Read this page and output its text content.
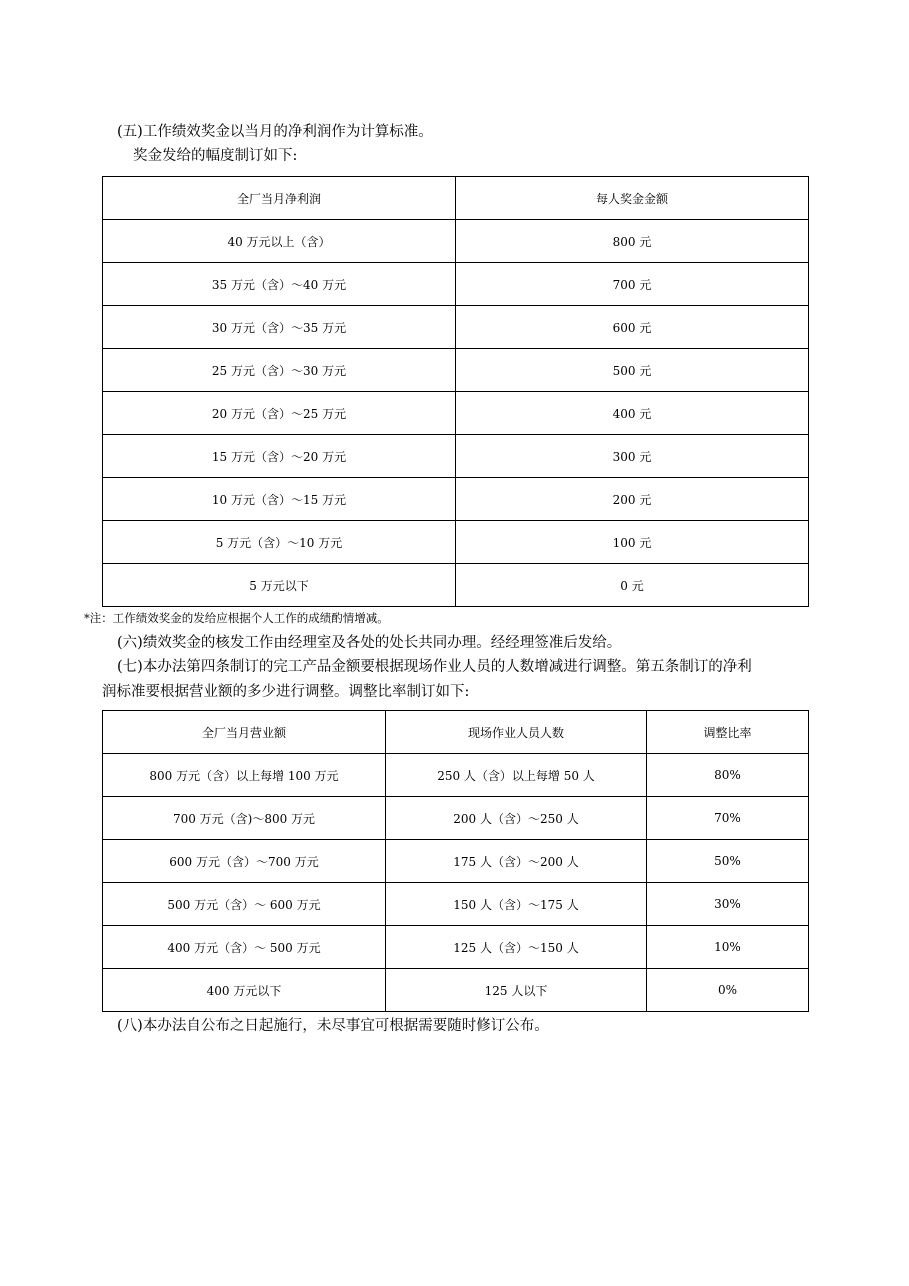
(五)工作绩效奖金以当月的净利润作为计算标准。
奖金发给的幅度制订如下:
全厂当月净利润	每人奖金金额
40 万元以上（含）	800 元
35 万元（含）～40 万元	700 元
30 万元（含）～35 万元	600 元
25 万元（含）～30 万元	500 元
20 万元（含）～25 万元	400 元
15 万元（含）～20 万元	300 元
10 万元（含）～15 万元	200 元
5 万元（含）～10 万元	100 元
5 万元以下	0 元
*注：工作绩效奖金的发给应根据个人工作的成绩酌情增减。
(六)绩效奖金的核发工作由经理室及各处的处长共同办理。经经理签准后发给。
(七)本办法第四条制订的完工产品金额要根据现场作业人员的人数增减进行调整。第五条制订的净利
润标准要根据营业额的多少进行调整。调整比率制订如下:
全厂当月营业额	现场作业人员人数	调整比率
800 万元（含）以上每增 100 万元	250 人（含）以上每增 50 人	80%
700 万元（含)～800 万元	200 人（含）～250 人	70%
600 万元（含）～700 万元	175 人（含）～200 人	50%
500 万元（含）～ 600 万元	150 人（含）～175 人	30%
400 万元（含）～ 500 万元	125 人（含）～150 人	10%
400 万元以下	125 人以下	0%
(八)本办法自公布之日起施行，未尽事宜可根据需要随时修订公布。
